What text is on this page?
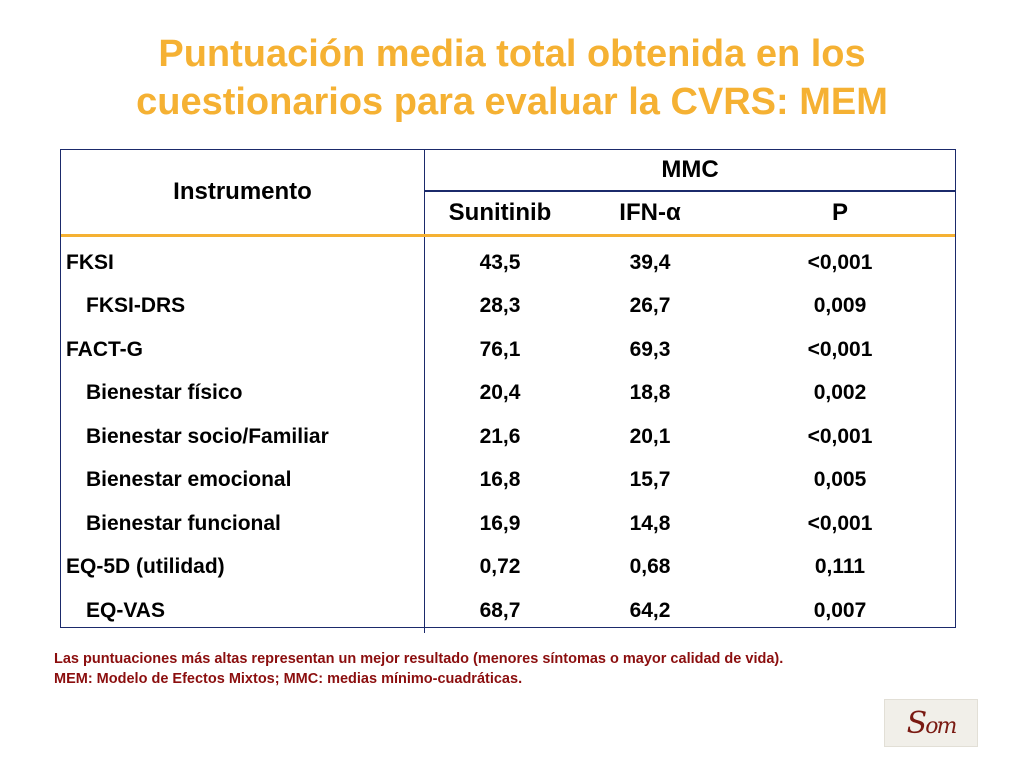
Puntuación media total obtenida en los
cuestionarios para evaluar la CVRS: MEM
Instrumento	MMC		
	Sunitinib	IFN-α	P
FKSI	43,5	39,4	<0,001
FKSI-DRS	28,3	26,7	0,009
FACT-G	76,1	69,3	<0,001
Bienestar físico	20,4	18,8	0,002
Bienestar socio/Familiar	21,6	20,1	<0,001
Bienestar emocional	16,8	15,7	0,005
Bienestar funcional	16,9	14,8	<0,001
EQ-5D (utilidad)	0,72	0,68	0,111
EQ-VAS	68,7	64,2	0,007
Las puntuaciones más altas representan un mejor resultado (menores síntomas o mayor calidad de vida).
MEM: Modelo de Efectos Mixtos; MMC: medias mínimo-cuadráticas.
Som
